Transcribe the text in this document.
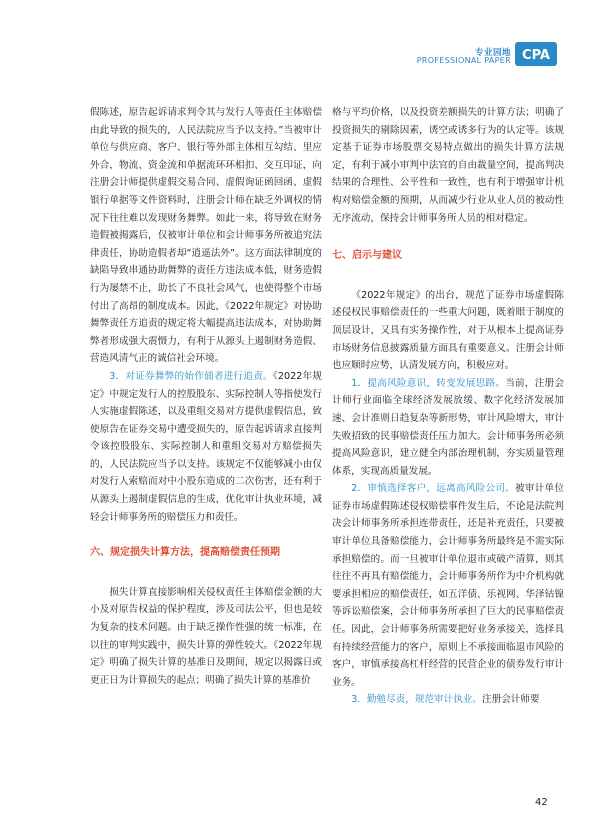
专业园地
PROFESSIONAL PAPER CPA

假陈述，原告起诉请求判令其与发行人等责任主体赔偿由此导致的损失的，人民法院应当予以支持。”当被审计单位与供应商、客户、银行等外部主体相互勾结、里应外合，物流、资金流和单据流环环相扣、交互印证，向注册会计师提供虚假交易合同、虚假询证函回函、虚假银行单据等文件资料时，注册会计师在缺乏外调权的情况下往往难以发现财务舞弊。如此一来，将导致在财务造假被揭露后，仅被审计单位和会计师事务所被追究法律责任，协助造假者却“逍遥法外”。这方面法律制度的缺陷导致串通协助舞弊的责任方违法成本低，财务造假行为屡禁不止，助长了不良社会风气，也使得整个市场付出了高昂的制度成本。因此，《2022年规定》对协助舞弊责任方追责的规定将大幅提高违法成本，对协助舞弊者形成强大震慑力，有利于从源头上遏制财务造假、营造风清气正的诚信社会环境。

3．对证券舞弊的始作俑者进行追责。《2022年规定》中规定发行人的控股股东、实际控制人等指使发行人实施虚假陈述，以及重组交易对方提供虚假信息，致使原告在证券交易中遭受损失的，原告起诉请求直接判令该控股股东、实际控制人和重组交易对方赔偿损失的，人民法院应当予以支持。该规定不仅能够减小由仅对发行人索赔而对中小股东造成的二次伤害，还有利于从源头上遏制虚假信息的生成，优化审计执业环境，减轻会计师事务所的赔偿压力和责任。

六、规定损失计算方法，提高赔偿责任预期

损失计算直接影响相关侵权责任主体赔偿金额的大小及对原告权益的保护程度，涉及司法公平，但也是较为复杂的技术问题。由于缺乏操作性强的统一标准，在以往的审判实践中，损失计算的弹性较大。《2022年规定》明确了损失计算的基准日及期间，规定以揭露日或更正日为计算损失的起点；明确了损失计算的基准价

格与平均价格，以及投资差额损失的计算方法；明确了投资损失的剔除因素，诱空或诱多行为的认定等。该规定基于证券市场股票交易特点做出的损失计算方法规定，有利于减小审判中法官的自由裁量空间，提高判决结果的合理性、公平性和一致性，也有利于增强审计机构对赔偿金额的预期，从而减少行业从业人员的被动性无序流动，保持会计师事务所人员的相对稳定。

七、启示与建议

《2022年规定》的出台，规范了证券市场虚假陈述侵权民事赔偿责任的一些重大问题，既着眼于制度的顶层设计，又具有实务操作性，对于从根本上提高证券市场财务信息披露质量方面具有重要意义。注册会计师也应顺时应势，认清发展方向，积极应对。

1．提高风险意识，转变发展思路。当前，注册会计师行业面临全球经济发展放缓、数字化经济发展加速、会计准则日趋复杂等新形势，审计风险增大，审计失败招致的民事赔偿责任压力加大。会计师事务所必须提高风险意识，建立健全内部治理机制，夯实质量管理体系，实现高质量发展。

2．审慎选择客户，远离高风险公司。被审计单位证券市场虚假陈述侵权赔偿事件发生后，不论是法院判决会计师事务所承担连带责任，还是补充责任，只要被审计单位具备赔偿能力，会计师事务所最终是不需实际承担赔偿的。而一旦被审计单位退市或破产清算，则其往往不再具有赔偿能力，会计师事务所作为中介机构就要承担相应的赔偿责任，如五洋债、乐视网、华泽钴镍等诉讼赔偿案，会计师事务所承担了巨大的民事赔偿责任。因此，会计师事务所需要把好业务承接关，选择具有持续经营能力的客户，原则上不承接面临退市风险的客户，审慎承接高杠杆经营的民营企业的债券发行审计业务。

3．勤勉尽责，规范审计执业。注册会计师要

42
